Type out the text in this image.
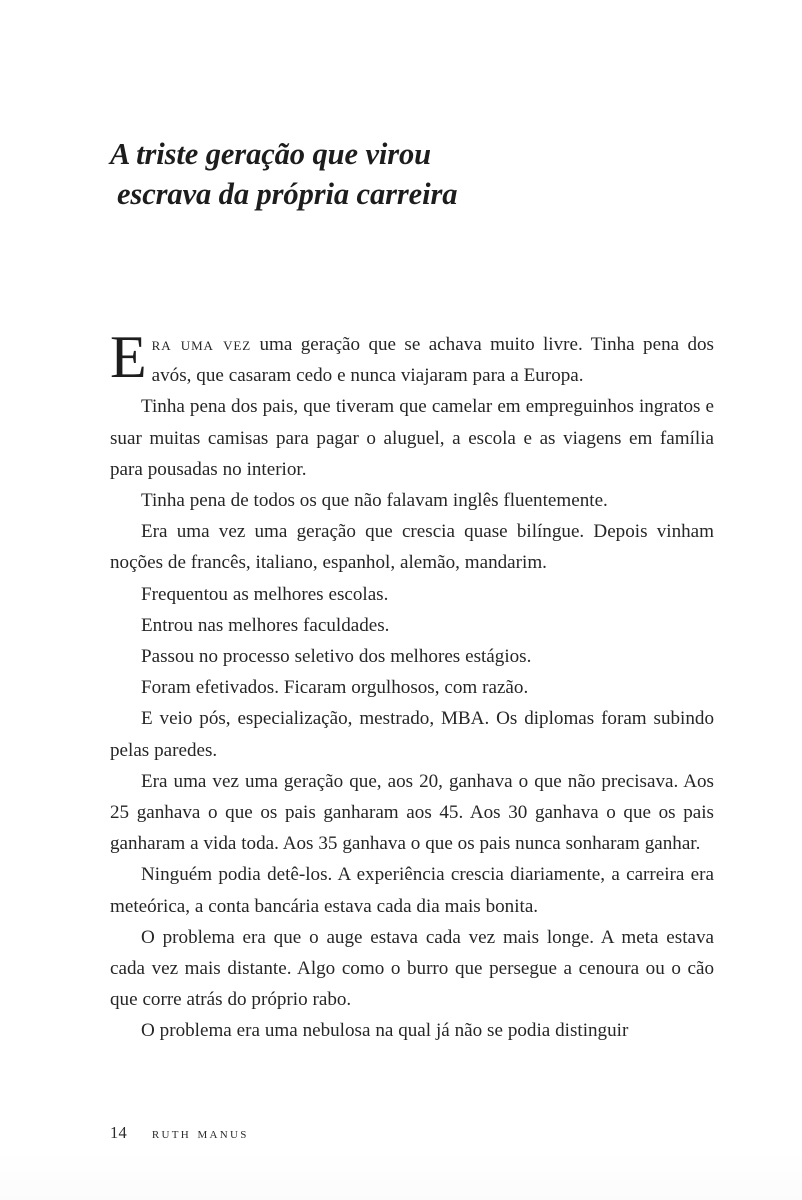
A triste geração que virou
escrava da própria carreira

Era uma vez uma geração que se achava muito livre. Tinha pena dos avós, que casaram cedo e nunca viajaram para a Europa.

Tinha pena dos pais, que tiveram que camelar em empreguinhos ingratos e suar muitas camisas para pagar o aluguel, a escola e as viagens em família para pousadas no interior.

Tinha pena de todos os que não falavam inglês fluentemente.

Era uma vez uma geração que crescia quase bilíngue. Depois vinham noções de francês, italiano, espanhol, alemão, mandarim.

Frequentou as melhores escolas.

Entrou nas melhores faculdades.

Passou no processo seletivo dos melhores estágios.

Foram efetivados. Ficaram orgulhosos, com razão.

E veio pós, especialização, mestrado, MBA. Os diplomas foram subindo pelas paredes.

Era uma vez uma geração que, aos 20, ganhava o que não precisava. Aos 25 ganhava o que os pais ganharam aos 45. Aos 30 ganhava o que os pais ganharam a vida toda. Aos 35 ganhava o que os pais nunca sonharam ganhar.

Ninguém podia detê-los. A experiência crescia diariamente, a carreira era meteórica, a conta bancária estava cada dia mais bonita.

O problema era que o auge estava cada vez mais longe. A meta estava cada vez mais distante. Algo como o burro que persegue a cenoura ou o cão que corre atrás do próprio rabo.

O problema era uma nebulosa na qual já não se podia distinguir

14 ruth manus
